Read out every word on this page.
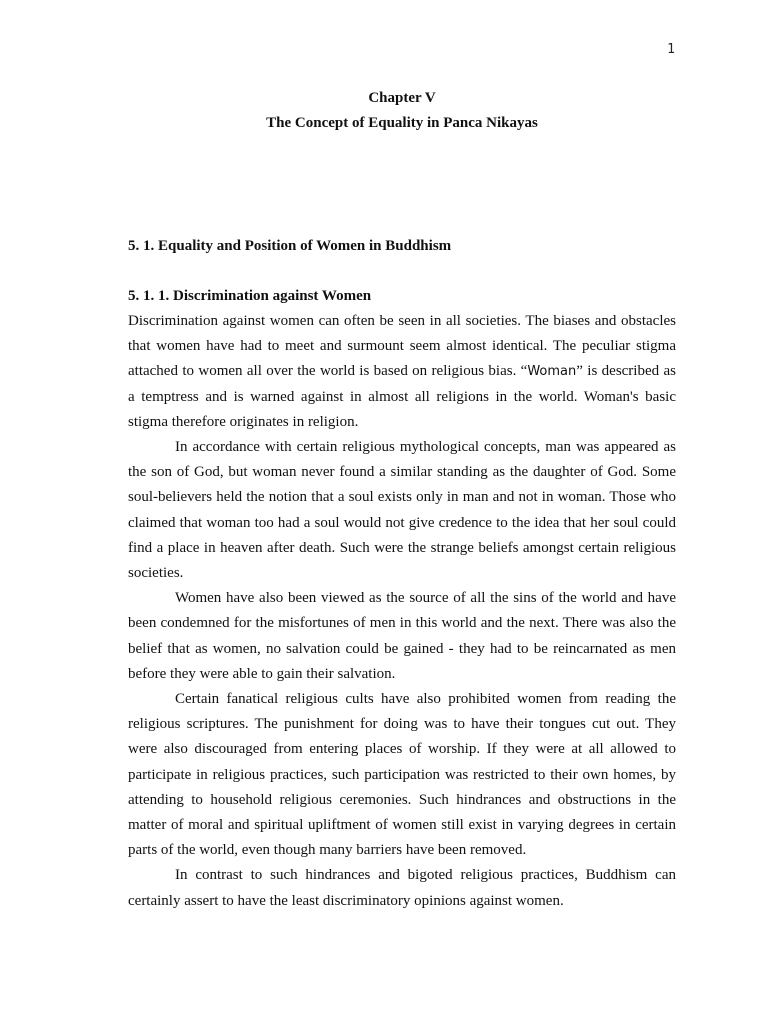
1
Chapter V
The Concept of Equality in Panca Nikayas
5. 1. Equality and Position of Women in Buddhism
5. 1. 1. Discrimination against Women

Discrimination against women can often be seen in all societies. The biases and obstacles that women have had to meet and surmount seem almost identical. The peculiar stigma attached to women all over the world is based on religious bias. “Woman” is described as a temptress and is warned against in almost all religions in the world. Woman's basic stigma therefore originates in religion.

In accordance with certain religious mythological concepts, man was appeared as the son of God, but woman never found a similar standing as the daughter of God. Some soul-believers held the notion that a soul exists only in man and not in woman. Those who claimed that woman too had a soul would not give credence to the idea that her soul could find a place in heaven after death. Such were the strange beliefs amongst certain religious societies.

Women have also been viewed as the source of all the sins of the world and have been condemned for the misfortunes of men in this world and the next. There was also the belief that as women, no salvation could be gained - they had to be reincarnated as men before they were able to gain their salvation.

Certain fanatical religious cults have also prohibited women from reading the religious scriptures. The punishment for doing was to have their tongues cut out. They were also discouraged from entering places of worship. If they were at all allowed to participate in religious practices, such participation was restricted to their own homes, by attending to household religious ceremonies. Such hindrances and obstructions in the matter of moral and spiritual upliftment of women still exist in varying degrees in certain parts of the world, even though many barriers have been removed.

In contrast to such hindrances and bigoted religious practices, Buddhism can certainly assert to have the least discriminatory opinions against women.
